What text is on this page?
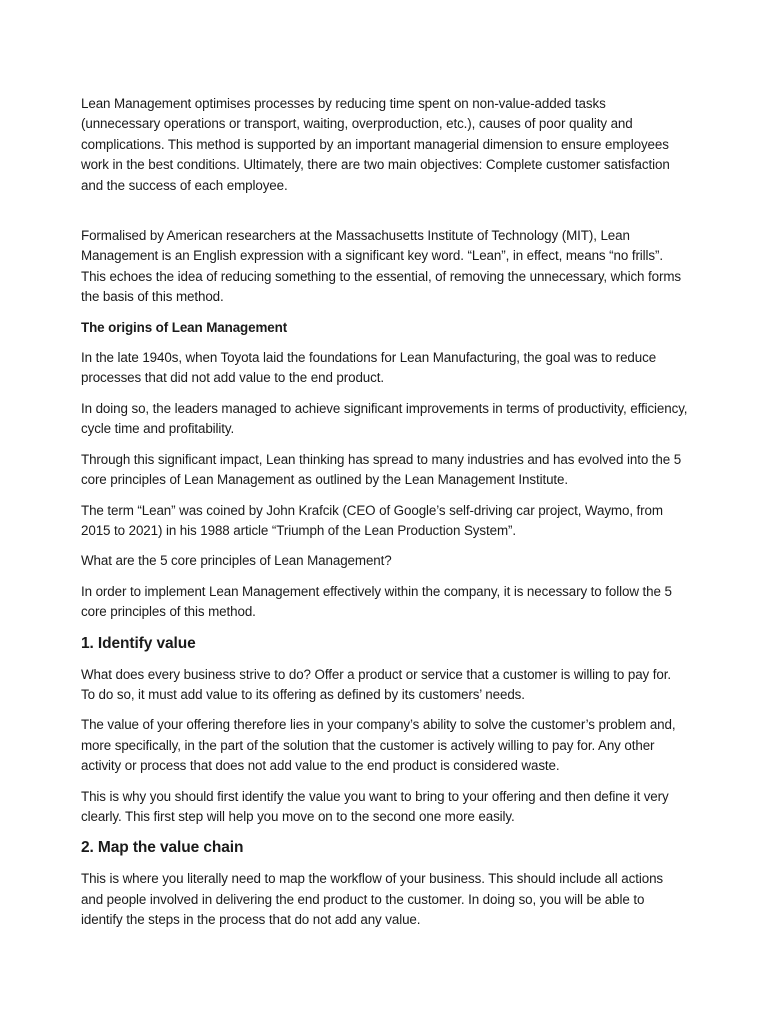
Lean Management optimises processes by reducing time spent on non-value-added tasks (unnecessary operations or transport, waiting, overproduction, etc.), causes of poor quality and complications. This method is supported by an important managerial dimension to ensure employees work in the best conditions. Ultimately, there are two main objectives: Complete customer satisfaction and the success of each employee.

Formalised by American researchers at the Massachusetts Institute of Technology (MIT), Lean Management is an English expression with a significant key word. “Lean”, in effect, means “no frills”. This echoes the idea of reducing something to the essential, of removing the unnecessary, which forms the basis of this method.

The origins of Lean Management

In the late 1940s, when Toyota laid the foundations for Lean Manufacturing, the goal was to reduce processes that did not add value to the end product.

In doing so, the leaders managed to achieve significant improvements in terms of productivity, efficiency, cycle time and profitability.

Through this significant impact, Lean thinking has spread to many industries and has evolved into the 5 core principles of Lean Management as outlined by the Lean Management Institute.

The term “Lean” was coined by John Krafcik (CEO of Google’s self-driving car project, Waymo, from 2015 to 2021) in his 1988 article “Triumph of the Lean Production System”.

What are the 5 core principles of Lean Management?

In order to implement Lean Management effectively within the company, it is necessary to follow the 5 core principles of this method.

1. Identify value

What does every business strive to do? Offer a product or service that a customer is willing to pay for. To do so, it must add value to its offering as defined by its customers’ needs.

The value of your offering therefore lies in your company’s ability to solve the customer’s problem and, more specifically, in the part of the solution that the customer is actively willing to pay for. Any other activity or process that does not add value to the end product is considered waste.

This is why you should first identify the value you want to bring to your offering and then define it very clearly. This first step will help you move on to the second one more easily.

2. Map the value chain

This is where you literally need to map the workflow of your business. This should include all actions and people involved in delivering the end product to the customer. In doing so, you will be able to identify the steps in the process that do not add any value.
